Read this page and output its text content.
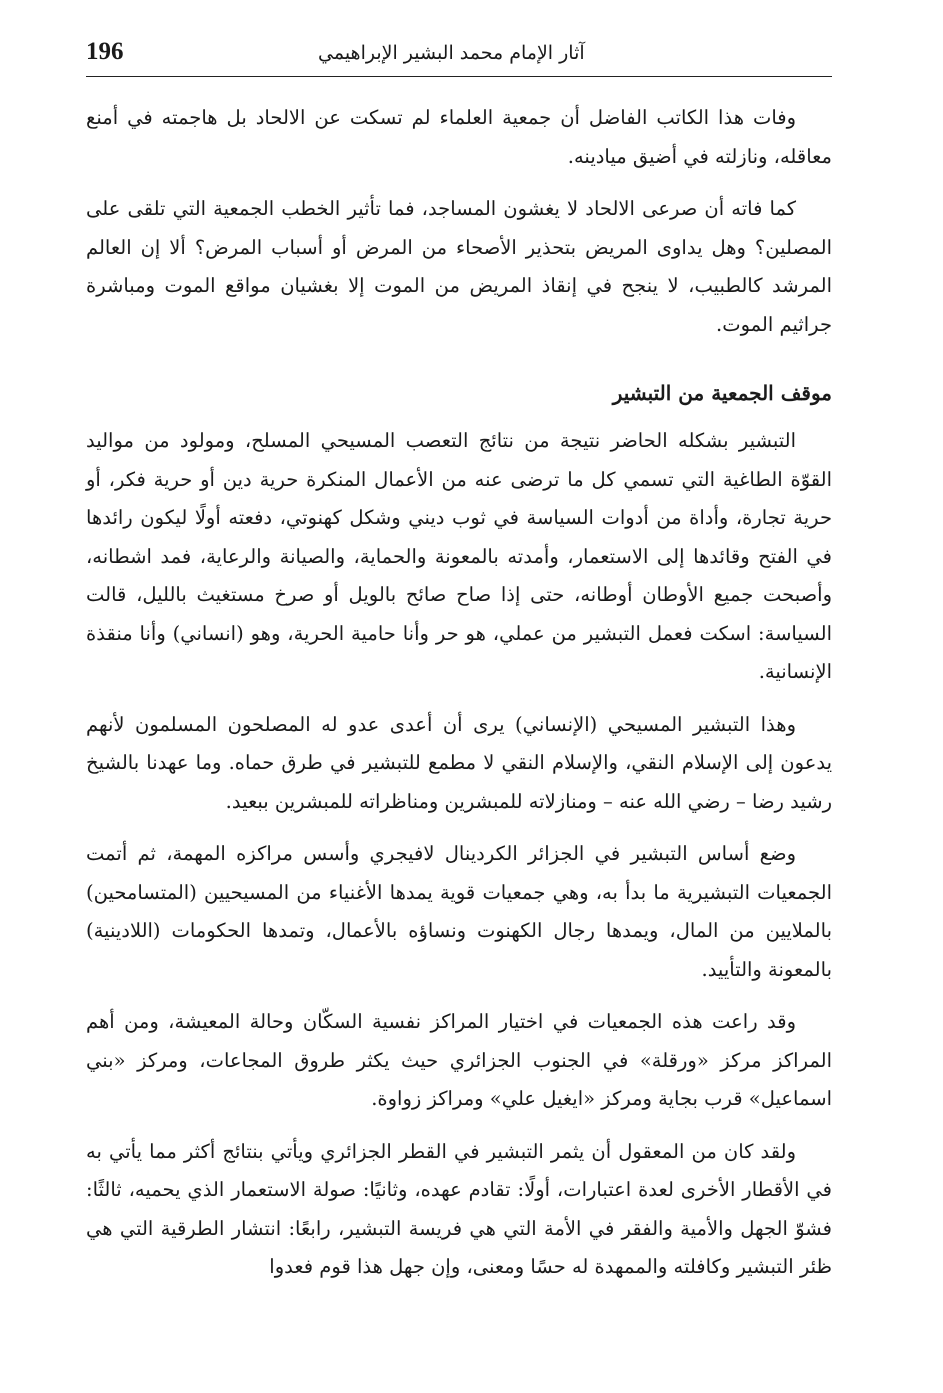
196	آثار الإمام محمد البشير الإبراهيمي

وفات هذا الكاتب الفاضل أن جمعية العلماء لم تسكت عن الالحاد بل هاجمته في أمنع معاقله، ونازلته في أضيق ميادينه.

كما فاته أن صرعى الالحاد لا يغشون المساجد، فما تأثير الخطب الجمعية التي تلقى على المصلين؟ وهل يداوى المريض بتحذير الأصحاء من المرض أو أسباب المرض؟ ألا إن العالم المرشد كالطبيب، لا ينجح في إنقاذ المريض من الموت إلا بغشيان مواقع الموت ومباشرة جراثيم الموت.

موقف الجمعية من التبشير

التبشير بشكله الحاضر نتيجة من نتائج التعصب المسيحي المسلح، ومولود من مواليد القوّة الطاغية التي تسمي كل ما ترضى عنه من الأعمال المنكرة حرية دين أو حرية فكر، أو حرية تجارة، وأداة من أدوات السياسة في ثوب ديني وشكل كهنوتي، دفعته أولًا ليكون رائدها في الفتح وقائدها إلى الاستعمار، وأمدته بالمعونة والحماية، والصيانة والرعاية، فمد اشطانه، وأصبحت جميع الأوطان أوطانه، حتى إذا صاح صائح بالويل أو صرخ مستغيث بالليل، قالت السياسة: اسكت فعمل التبشير من عملي، هو حر وأنا حامية الحرية، وهو (انساني) وأنا منقذة الإنسانية.

وهذا التبشير المسيحي (الإنساني) يرى أن أعدى عدو له المصلحون المسلمون لأنهم يدعون إلى الإسلام النقي، والإسلام النقي لا مطمع للتبشير في طرق حماه. وما عهدنا بالشيخ رشيد رضا – رضي الله عنه – ومنازلاته للمبشرين ومناظراته للمبشرين ببعيد.

وضع أساس التبشير في الجزائر الكردينال لافيجري وأسس مراكزه المهمة، ثم أتمت الجمعيات التبشيرية ما بدأ به، وهي جمعيات قوية يمدها الأغنياء من المسيحيين (المتسامحين) بالملايين من المال، ويمدها رجال الكهنوت ونساؤه بالأعمال، وتمدها الحكومات (اللادينية) بالمعونة والتأييد.

وقد راعت هذه الجمعيات في اختيار المراكز نفسية السكّان وحالة المعيشة، ومن أهم المراكز مركز «ورقلة» في الجنوب الجزائري حيث يكثر طروق المجاعات، ومركز «بني اسماعيل» قرب بجاية ومركز «ايغيل علي» ومراكز زواوة.

ولقد كان من المعقول أن يثمر التبشير في القطر الجزائري ويأتي بنتائج أكثر مما يأتي به في الأقطار الأخرى لعدة اعتبارات، أولًا: تقادم عهده، وثانيًا: صولة الاستعمار الذي يحميه، ثالثًا: فشوّ الجهل والأمية والفقر في الأمة التي هي فريسة التبشير، رابعًا: انتشار الطرقية التي هي ظئر التبشير وكافلته والممهدة له حسًا ومعنى، وإن جهل هذا قوم فعدوا
